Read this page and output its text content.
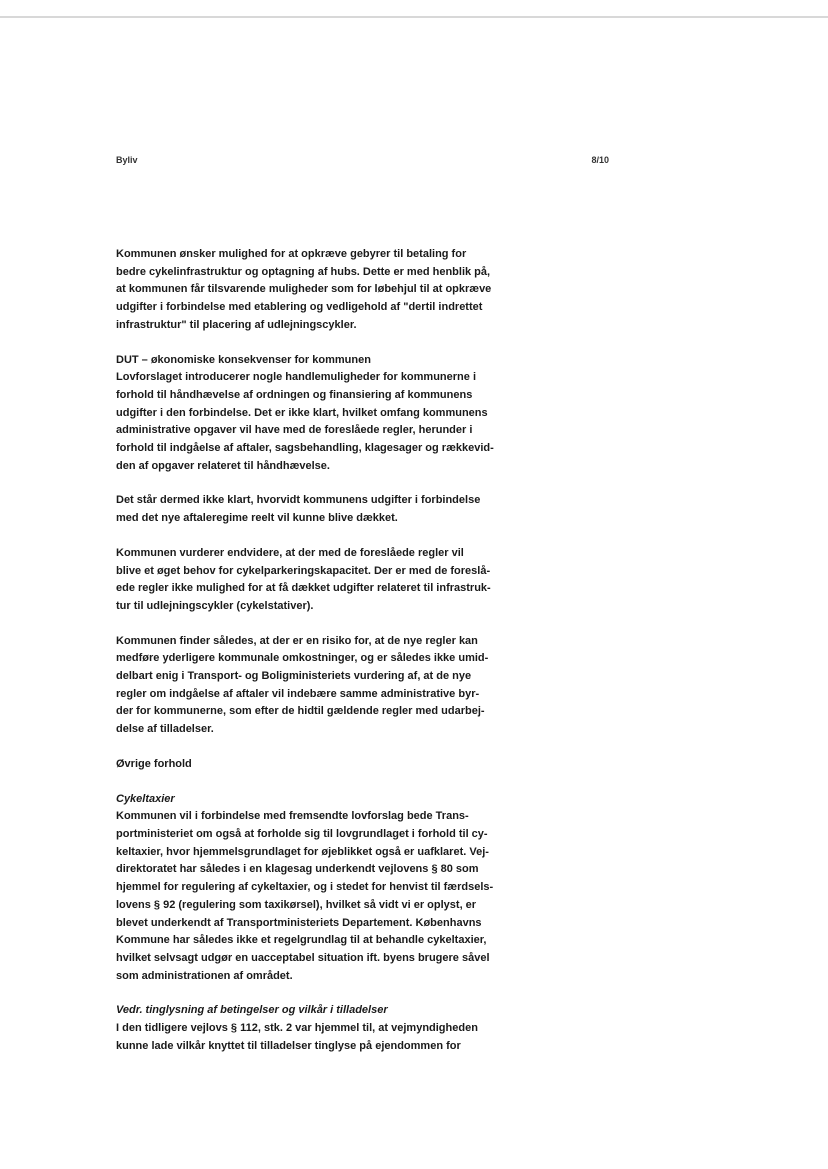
Byliv	8/10

Kommunen ønsker mulighed for at opkræve gebyrer til betaling for
bedre cykelinfrastruktur og optagning af hubs. Dette er med henblik på,
at kommunen får tilsvarende muligheder som for løbehjul til at opkræve
udgifter i forbindelse med etablering og vedligehold af "dertil indrettet
infrastruktur" til placering af udlejningscykler.

DUT – økonomiske konsekvenser for kommunen

Lovforslaget introducerer nogle handlemuligheder for kommunerne i
forhold til håndhævelse af ordningen og finansiering af kommunens
udgifter i den forbindelse. Det er ikke klart, hvilket omfang kommunens
administrative opgaver vil have med de foreslåede regler, herunder i
forhold til indgåelse af aftaler, sagsbehandling, klagesager og rækkevid-
den af opgaver relateret til håndhævelse.

Det står dermed ikke klart, hvorvidt kommunens udgifter i forbindelse
med det nye aftaleregime reelt vil kunne blive dækket.

Kommunen vurderer endvidere, at der med de foreslåede regler vil
blive et øget behov for cykelparkeringskapacitet. Der er med de foreslå-
ede regler ikke mulighed for at få dækket udgifter relateret til infrastruk-
tur til udlejningscykler (cykelstativer).

Kommunen finder således, at der er en risiko for, at de nye regler kan
medføre yderligere kommunale omkostninger, og er således ikke umid-
delbart enig i Transport- og Boligministeriets vurdering af, at de nye
regler om indgåelse af aftaler vil indebære samme administrative byr-
der for kommunerne, som efter de hidtil gældende regler med udarbej-
delse af tilladelser.

Øvrige forhold
Cykeltaxier

Kommunen vil i forbindelse med fremsendte lovforslag bede Trans-
portministeriet om også at forholde sig til lovgrundlaget i forhold til cy-
keltaxier, hvor hjemmelsgrundlaget for øjeblikket også er uafklaret. Vej-
direktoratet har således i en klagesag underkendt vejlovens § 80 som
hjemmel for regulering af cykeltaxier, og i stedet for henvist til færdsels-
lovens § 92 (regulering som taxikørsel), hvilket så vidt vi er oplyst, er
blevet underkendt af Transportministeriets Departement. Københavns
Kommune har således ikke et regelgrundlag til at behandle cykeltaxier,
hvilket selvsagt udgør en uacceptabel situation ift. byens brugere såvel
som administrationen af området.

Vedr. tinglysning af betingelser og vilkår i tilladelser

I den tidligere vejlovs § 112, stk. 2 var hjemmel til, at vejmyndigheden
kunne lade vilkår knyttet til tilladelser tinglyse på ejendommen for
